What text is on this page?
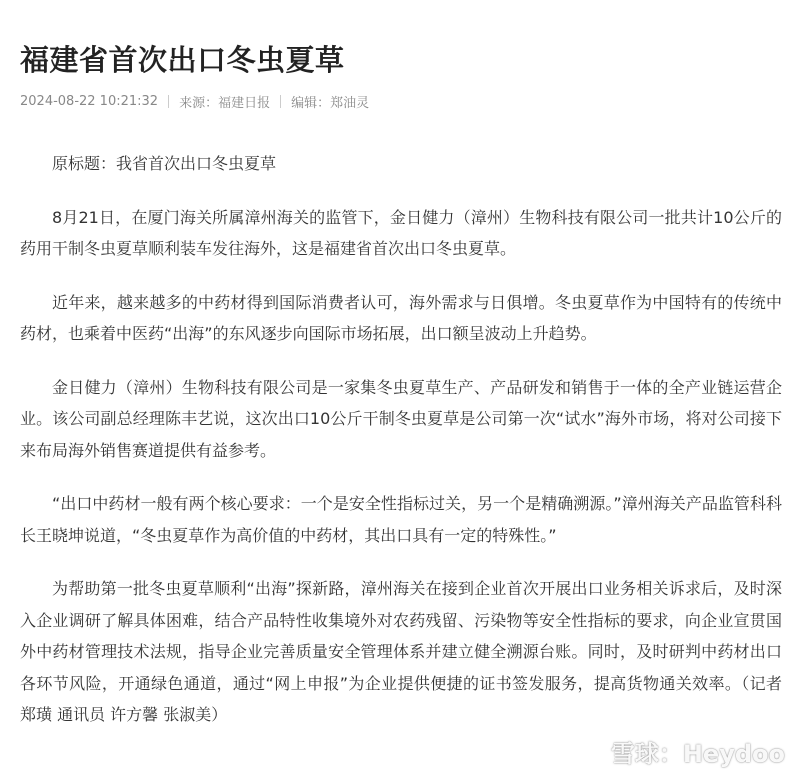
福建省首次出口冬虫夏草
2024-08-22 10:21:32 来源：福建日报 编辑：郑油灵

原标题：我省首次出口冬虫夏草

8月21日，在厦门海关所属漳州海关的监管下，金日健力（漳州）生物科技有限公司一批共计10公斤的药用干制冬虫夏草顺利装车发往海外，这是福建省首次出口冬虫夏草。

近年来，越来越多的中药材得到国际消费者认可，海外需求与日俱增。冬虫夏草作为中国特有的传统中药材，也乘着中医药“出海”的东风逐步向国际市场拓展，出口额呈波动上升趋势。

金日健力（漳州）生物科技有限公司是一家集冬虫夏草生产、产品研发和销售于一体的全产业链运营企业。该公司副总经理陈丰艺说，这次出口10公斤干制冬虫夏草是公司第一次“试水”海外市场，将对公司接下来布局海外销售赛道提供有益参考。

“出口中药材一般有两个核心要求：一个是安全性指标过关，另一个是精确溯源。”漳州海关产品监管科科长王晓坤说道，“冬虫夏草作为高价值的中药材，其出口具有一定的特殊性。”

为帮助第一批冬虫夏草顺利“出海”探新路，漳州海关在接到企业首次开展出口业务相关诉求后，及时深入企业调研了解具体困难，结合产品特性收集境外对农药残留、污染物等安全性指标的要求，向企业宣贯国外中药材管理技术法规，指导企业完善质量安全管理体系并建立健全溯源台账。同时，及时研判中药材出口各环节风险，开通绿色通道，通过“网上申报”为企业提供便捷的证书签发服务，提高货物通关效率。（记者 郑璜 通讯员 许方馨 张淑美）

雪球：Heydoo
